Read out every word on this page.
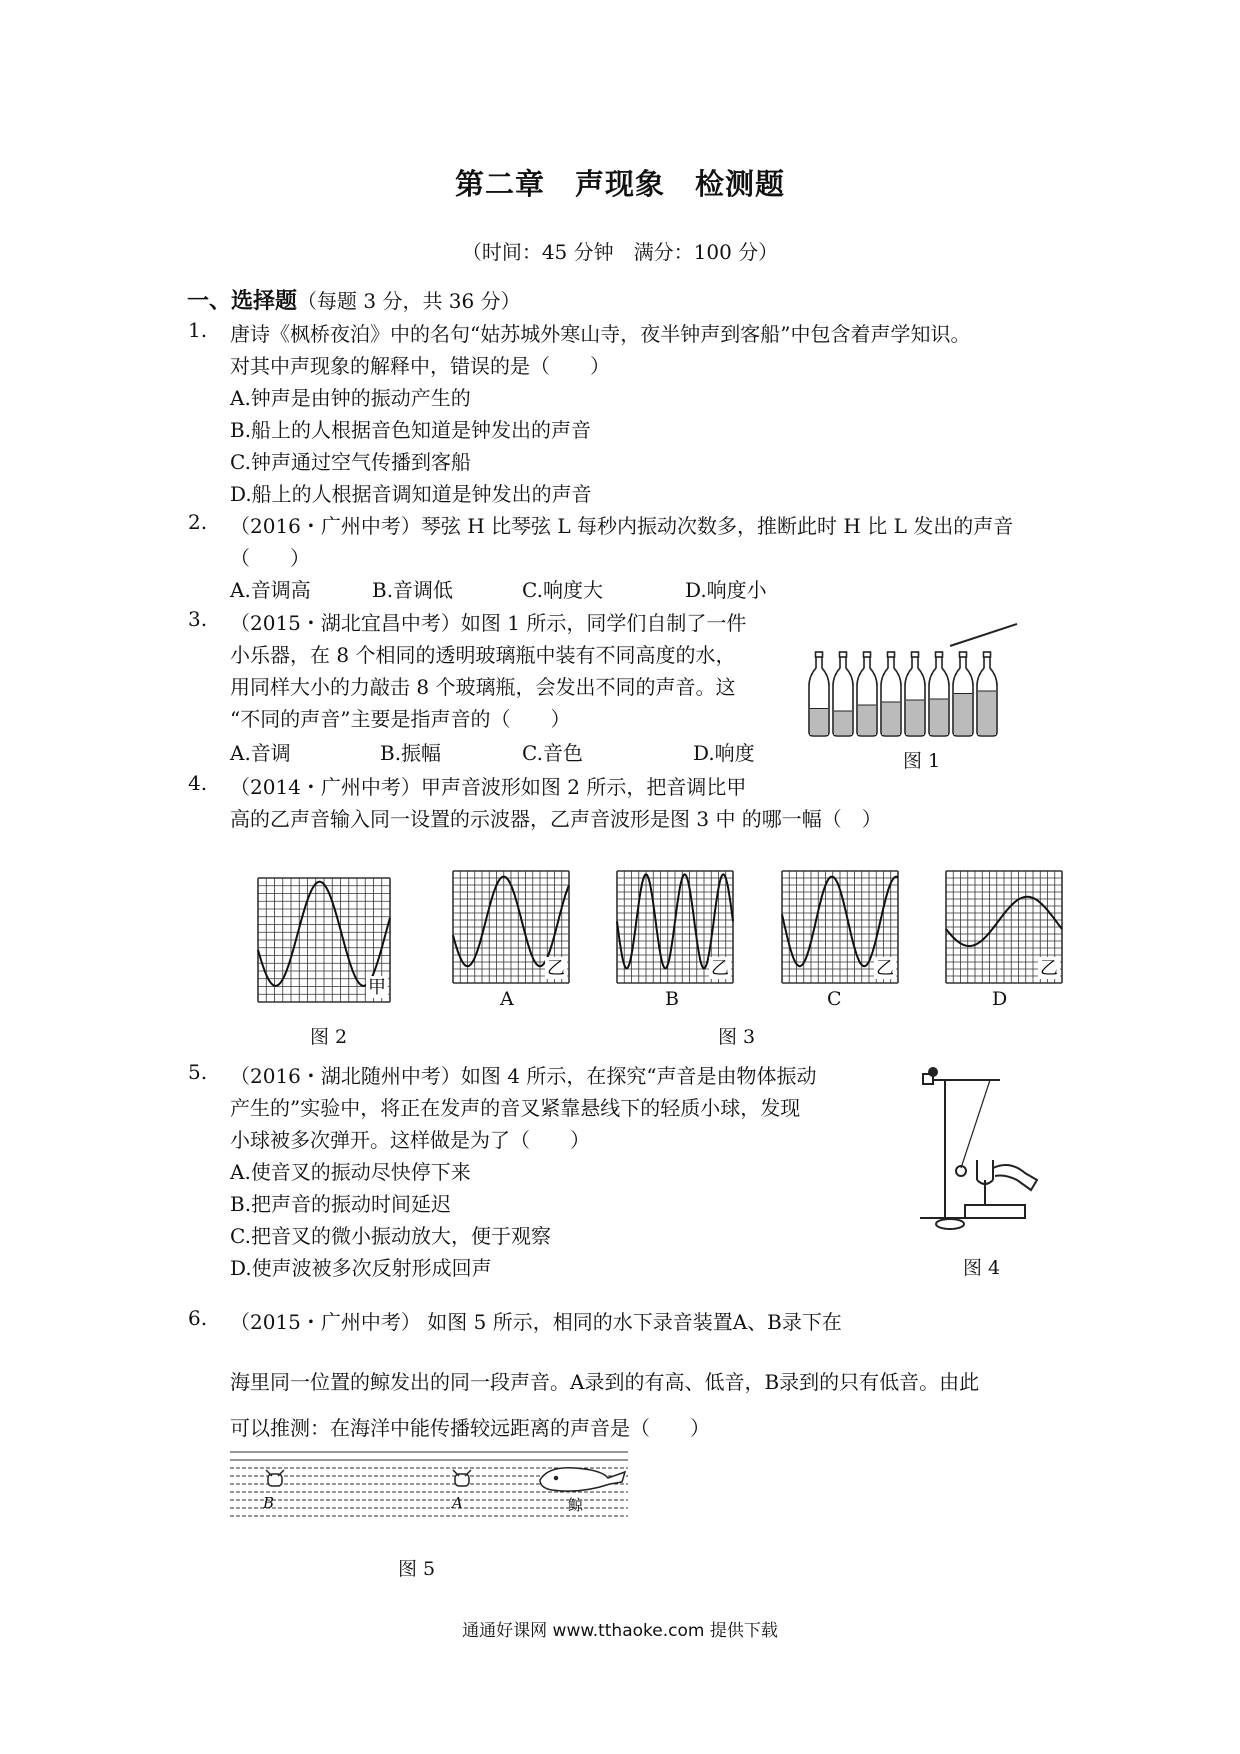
第二章　声现象　检测题
（时间：45 分钟　满分：100 分）
一、选择题（每题 3 分，共 36 分）
1. 唐诗《枫桥夜泊》中的名句“姑苏城外寒山寺，夜半钟声到客船”中包含着声学知识。
对其中声现象的解释中，错误的是（　　）
A.钟声是由钟的振动产生的
B.船上的人根据音色知道是钟发出的声音
C.钟声通过空气传播到客船
D.船上的人根据音调知道是钟发出的声音
2. （2016・广州中考）琴弦 H 比琴弦 L 每秒内振动次数多，推断此时 H 比 L 发出的声音
（　　）
A.音调高	B.音调低	C.响度大	D.响度小
3. （2015・湖北宜昌中考）如图 1 所示，同学们自制了一件
小乐器，在 8 个相同的透明玻璃瓶中装有不同高度的水，
用同样大小的力敲击 8 个玻璃瓶，会发出不同的声音。这
“不同的声音”主要是指声音的（　　）
A.音调	B.振幅	C.音色	D.响度	图 1
4. （2014・广州中考）甲声音波形如图 2 所示，把音调比甲
高的乙声音输入同一设置的示波器，乙声音波形是图 3 中 的哪一幅（　）
甲
乙	乙	乙	乙
图 2	图 3
A	B	C	D
5. （2016・湖北随州中考）如图 4 所示，在探究“声音是由物体振动
产生的”实验中，将正在发声的音叉紧靠悬线下的轻质小球，发现
小球被多次弹开。这样做是为了（　　）
A.使音叉的振动尽快停下来
B.把声音的振动时间延迟
C.把音叉的微小振动放大，便于观察
D.使声波被多次反射形成回声	图 4
6. （2015・广州中考） 如图 5 所示，相同的水下录音装置A、B录下在
海里同一位置的鲸发出的同一段声音。A录到的有高、低音，B录到的只有低音。由此
可以推测：在海洋中能传播较远距离的声音是（　　）
B	A	鲸
图 5
通通好课网 www.tthaoke.com 提供下载
